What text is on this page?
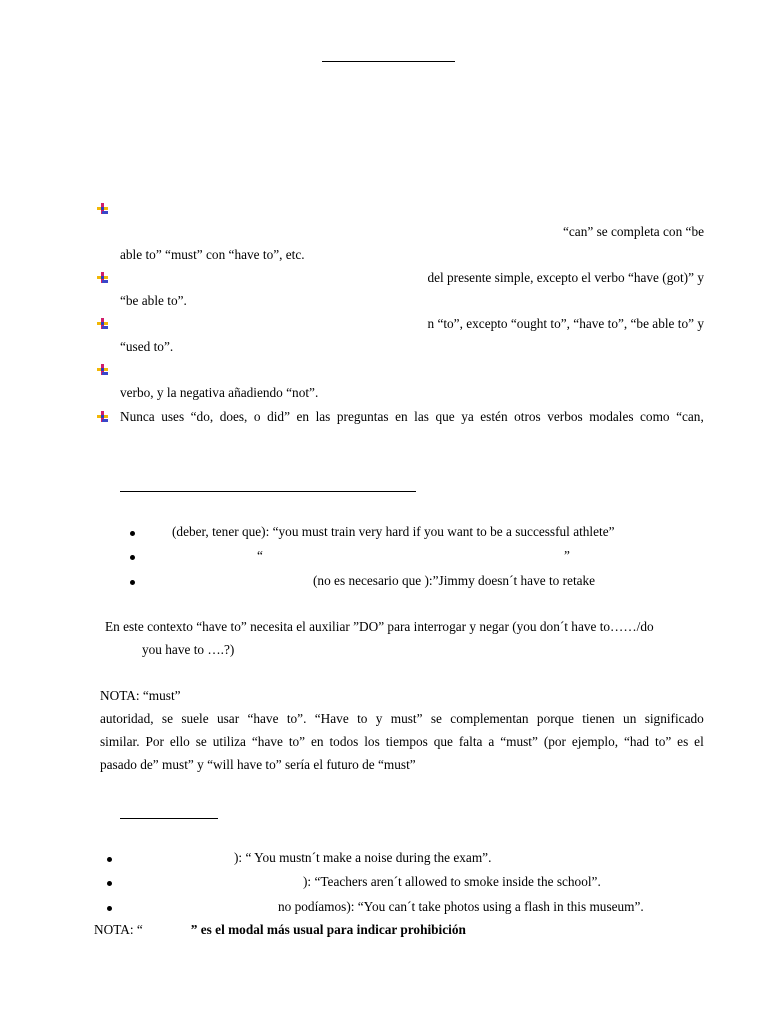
“can” se completa con “be
able to” “must” con “have to”, etc.
del presente simple, excepto el verbo “have (got)” y
“be able to”.
n “to”, excepto “ought to”, “have to”, “be able to” y
“used to”.
verbo, y la negativa añadiendo “not”.
Nunca uses “do, does, o did” en las preguntas en las que ya estén otros verbos modales como “can,
(deber, tener que): “you must train very hard if you want to be a successful athlete”
“	”
(no es necesario que ):”Jimmy doesn´t have to retake
En este contexto “have to” necesita el auxiliar ”DO” para interrogar y negar (you don´t have to……/do
you have to ….?)
NOTA: “must”
autoridad, se suele usar “have to”. “Have to y must” se complementan porque tienen un significado
similar. Por ello se utiliza “have to” en todos los tiempos que falta a “must” (por ejemplo, “had to” es el
pasado de” must” y “will have to” sería el futuro de “must”
): “ You mustn´t make a noise during the exam”.
): “Teachers aren´t allowed to smoke inside the school”.
no podíamos): “You can´t take photos using a flash in this museum”.
NOTA: “	” es el modal más usual para indicar prohibición
